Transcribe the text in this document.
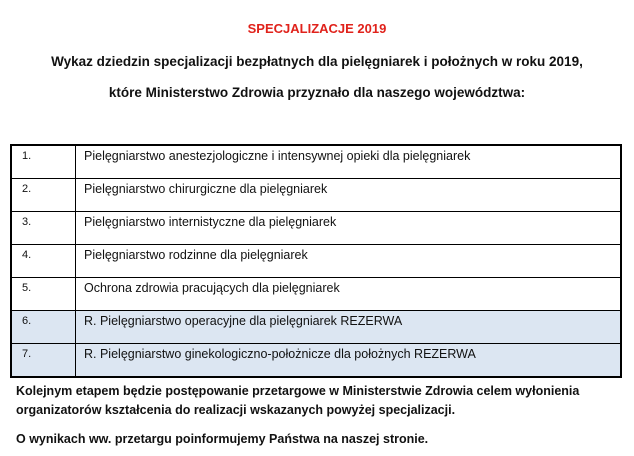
SPECJALIZACJE 2019
Wykaz dziedzin specjalizacji bezpłatnych dla pielęgniarek i położnych w roku 2019,
które Ministerstwo Zdrowia przyznało dla naszego województwa:
1.	Pielęgniarstwo anestezjologiczne i intensywnej opieki dla pielęgniarek
2.	Pielęgniarstwo chirurgiczne dla pielęgniarek
3.	Pielęgniarstwo internistyczne dla pielęgniarek
4.	Pielęgniarstwo rodzinne dla pielęgniarek
5.	Ochrona zdrowia pracujących dla pielęgniarek
6.	R. Pielęgniarstwo operacyjne dla pielęgniarek REZERWA
7.	R. Pielęgniarstwo ginekologiczno-położnicze dla położnych REZERWA
Kolejnym etapem będzie postępowanie przetargowe w Ministerstwie Zdrowia celem wyłonienia
organizatorów kształcenia do realizacji wskazanych powyżej specjalizacji.
O wynikach ww. przetargu poinformujemy Państwa na naszej stronie.
